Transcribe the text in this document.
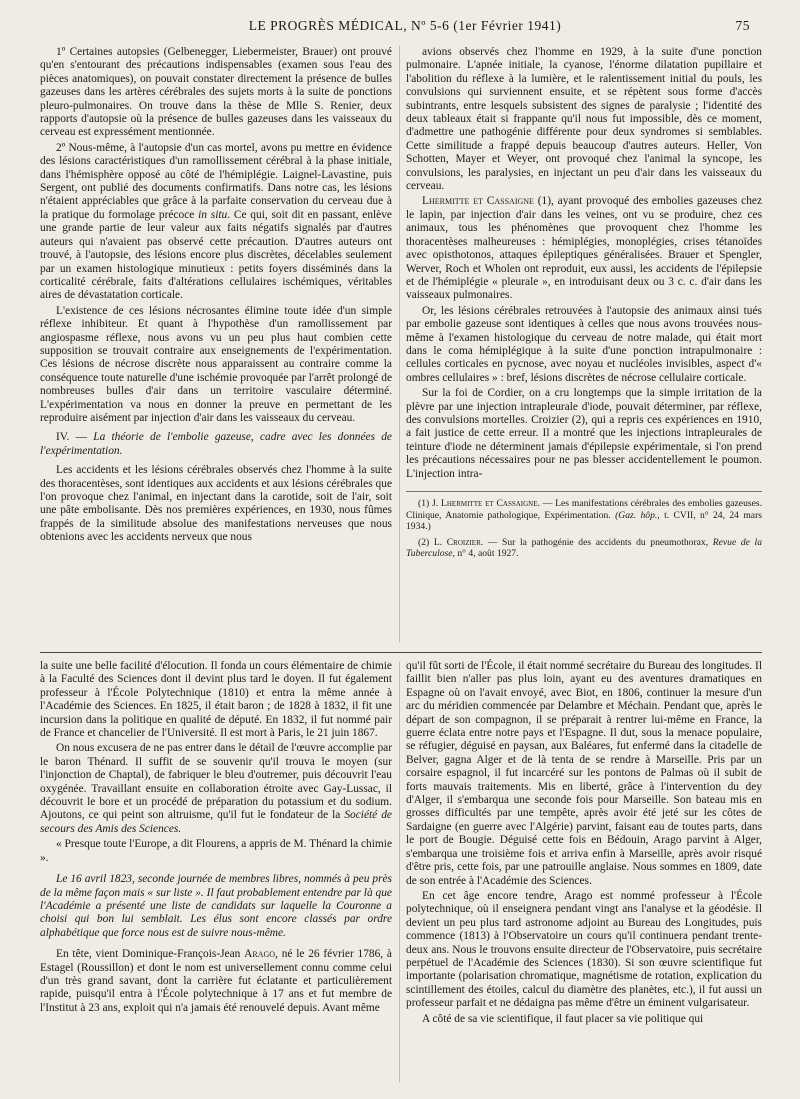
LE PROGRÈS MÉDICAL, Nº 5-6 (1er Février 1941)	75

1º Certaines autopsies (Gelbenegger, Liebermeister, Brauer) ont prouvé qu'en s'entourant des précautions indispensables (examen sous l'eau des pièces anatomiques), on pouvait constater directement la présence de bulles gazeuses dans les artères cérébrales des sujets morts à la suite de ponctions pleuro-pulmonaires. On trouve dans la thèse de Mlle S. Renier, deux rapports d'autopsie où la présence de bulles gazeuses dans les vaisseaux du cerveau est expressément mentionnée.

2º Nous-même, à l'autopsie d'un cas mortel, avons pu mettre en évidence des lésions caractéristiques d'un ramollissement cérébral à la phase initiale, dans l'hémisphère opposé au côté de l'hémiplégie. Laignel-Lavastine, puis Sergent, ont publié des documents confirmatifs. Dans notre cas, les lésions n'étaient appréciables que grâce à la parfaite conservation du cerveau due à la pratique du formolage précoce in situ. Ce qui, soit dit en passant, enlève une grande partie de leur valeur aux faits négatifs signalés par d'autres auteurs qui n'avaient pas observé cette précaution. D'autres auteurs ont trouvé, à l'autopsie, des lésions encore plus discrètes, décelables seulement par un examen histologique minutieux : petits foyers disséminés dans la corticalité cérébrale, faits d'altérations cellulaires ischémiques, véritables aires de dévastatation corticale.

L'existence de ces lésions nécrosantes élimine toute idée d'un simple réflexe inhibiteur. Et quant à l'hypothèse d'un ramollissement par angiospasme réflexe, nous avons vu un peu plus haut combien cette supposition se trouvait contraire aux enseignements de l'expérimentation. Ces lésions de nécrose discrète nous apparaissent au contraire comme la conséquence toute naturelle d'une ischémie provoquée par l'arrêt prolongé de nombreuses bulles d'air dans un territoire vasculaire déterminé. L'expérimentation va nous en donner la preuve en permettant de les reproduire aisément par injection d'air dans les vaisseaux du cerveau.

IV. — La théorie de l'embolie gazeuse, cadre avec les données de l'expérimentation.

Les accidents et les lésions cérébrales observés chez l'homme à la suite des thoracentèses, sont identiques aux accidents et aux lésions cérébrales que l'on provoque chez l'animal, en injectant dans la carotide, soit de l'air, soit une pâte embolisante. Dès nos premières expériences, en 1930, nous fûmes frappés de la similitude absolue des manifestations nerveuses que nous obtenions avec les accidents nerveux que nous

avions observés chez l'homme en 1929, à la suite d'une ponction pulmonaire. L'apnée initiale, la cyanose, l'énorme dilatation pupillaire et l'abolition du réflexe à la lumière, et le ralentissement initial du pouls, les convulsions qui surviennent ensuite, et se répètent sous forme d'accès subintrants, entre lesquels subsistent des signes de paralysie ; l'identité des deux tableaux était si frappante qu'il nous fut impossible, dès ce moment, d'admettre une pathogénie différente pour deux syndromes si semblables. Cette similitude a frappé depuis beaucoup d'autres auteurs. Heller, Von Schotten, Mayer et Weyer, ont provoqué chez l'animal la syncope, les convulsions, les paralysies, en injectant un peu d'air dans les vaisseaux du cerveau.

Lhermitte et Cassaigne (1), ayant provoqué des embolies gazeuses chez le lapin, par injection d'air dans les veines, ont vu se produire, chez ces animaux, tous les phénomènes que provoquent chez l'homme les thoracentèses malheureuses : hémiplégies, monoplégies, crises tétanoïdes avec opisthotonos, attaques épileptiques généralisées. Brauer et Spengler, Werver, Roch et Wholen ont reproduit, eux aussi, les accidents de l'épilepsie et de l'hémiplégie « pleurale », en introduisant deux ou 3 c. c. d'air dans les vaisseaux pulmonaires.

Or, les lésions cérébrales retrouvées à l'autopsie des animaux ainsi tués par embolie gazeuse sont identiques à celles que nous avons trouvées nous-même à l'examen histologique du cerveau de notre malade, qui était mort dans le coma hémiplégique à la suite d'une ponction intrapulmonaire : cellules corticales en pycnose, avec noyau et nucléoles invisibles, aspect d'« ombres cellulaires » : bref, lésions discrètes de nécrose cellulaire corticale.

Sur la foi de Cordier, on a cru longtemps que la simple irritation de la plèvre par une injection intrapleurale d'iode, pouvait déterminer, par réflexe, des convulsions mortelles. Croizier (2), qui a repris ces expériences en 1910, a fait justice de cette erreur. Il a montré que les injections intrapleurales de teinture d'iode ne déterminent jamais d'épilepsie expérimentale, si l'on prend les précautions nécessaires pour ne pas blesser accidentellement le poumon. L'injection intra-

(1) J. Lhermitte et Cassaigne. — Les manifestations cérébrales des embolies gazeuses. Clinique, Anatomie pathologique, Expérimentation. (Gaz. hôp., t. CVII, n° 24, 24 mars 1934.)

(2) L. Croizier. — Sur la pathogénie des accidents du pneumothorax, Revue de la Tuberculose, n° 4, août 1927.

la suite une belle facilité d'élocution. Il fonda un cours élémentaire de chimie à la Faculté des Sciences dont il devint plus tard le doyen. Il fut également professeur à l'École Polytechnique (1810) et entra la même année à l'Académie des Sciences. En 1825, il était baron ; de 1828 à 1832, il fit une incursion dans la politique en qualité de député. En 1832, il fut nommé pair de France et chancelier de l'Université. Il est mort à Paris, le 21 juin 1867.

On nous excusera de ne pas entrer dans le détail de l'œuvre accomplie par le baron Thénard. Il suffit de se souvenir qu'il trouva le moyen (sur l'injonction de Chaptal), de fabriquer le bleu d'outremer, puis découvrit l'eau oxygénée. Travaillant ensuite en collaboration étroite avec Gay-Lussac, il découvrit le bore et un procédé de préparation du potassium et du sodium. Ajoutons, ce qui peint son altruisme, qu'il fut le fondateur de la Société de secours des Amis des Sciences.

« Presque toute l'Europe, a dit Flourens, a appris de M. Thénard la chimie ».

Le 16 avril 1823, seconde journée de membres libres, nommés à peu près de la même façon mais « sur liste ». Il faut probablement entendre par là que l'Académie a présenté une liste de candidats sur laquelle la Couronne a choisi qui bon lui semblait. Les élus sont encore classés par ordre alphabétique que force nous est de suivre nous-même.

En tête, vient Dominique-François-Jean Arago, né le 26 février 1786, à Estagel (Roussillon) et dont le nom est universellement connu comme celui d'un très grand savant, dont la carrière fut éclatante et particulièrement rapide, puisqu'il entra à l'École polytechnique à 17 ans et fut membre de l'Institut à 23 ans, exploit qui n'a jamais été renouvelé depuis. Avant même

qu'il fût sorti de l'École, il était nommé secrétaire du Bureau des longitudes. Il faillit bien n'aller pas plus loin, ayant eu des aventures dramatiques en Espagne où on l'avait envoyé, avec Biot, en 1806, continuer la mesure d'un arc du méridien commencée par Delambre et Méchain. Pendant que, après le départ de son compagnon, il se préparait à rentrer lui-même en France, la guerre éclata entre notre pays et l'Espagne. Il dut, sous la menace populaire, se réfugier, déguisé en paysan, aux Baléares, fut enfermé dans la citadelle de Belver, gagna Alger et de là tenta de se rendre à Marseille. Pris par un corsaire espagnol, il fut incarcéré sur les pontons de Palmas où il subit de forts mauvais traitements. Mis en liberté, grâce à l'intervention du dey d'Alger, il s'embarqua une seconde fois pour Marseille. Son bateau mis en grosses difficultés par une tempête, après avoir été jeté sur les côtes de Sardaigne (en guerre avec l'Algérie) parvint, faisant eau de toutes parts, dans le port de Bougie. Déguisé cette fois en Bédouin, Arago parvint à Alger, s'embarqua une troisième fois et arriva enfin à Marseille, après avoir risqué d'être pris, cette fois, par une patrouille anglaise. Nous sommes en 1809, date de son entrée à l'Académie des Sciences.

En cet âge encore tendre, Arago est nommé professeur à l'École polytechnique, où il enseignera pendant vingt ans l'analyse et la géodésie. Il devient un peu plus tard astronome adjoint au Bureau des Longitudes, puis commence (1813) à l'Observatoire un cours qu'il continuera pendant trente-deux ans. Nous le trouvons ensuite directeur de l'Observatoire, puis secrétaire perpétuel de l'Académie des Sciences (1830). Si son œuvre scientifique fut importante (polarisation chromatique, magnétisme de rotation, explication du scintillement des étoiles, calcul du diamètre des planètes, etc.), il fut aussi un professeur parfait et ne dédaigna pas même d'être un éminent vulgarisateur.

A côté de sa vie scientifique, il faut placer sa vie politique qui
